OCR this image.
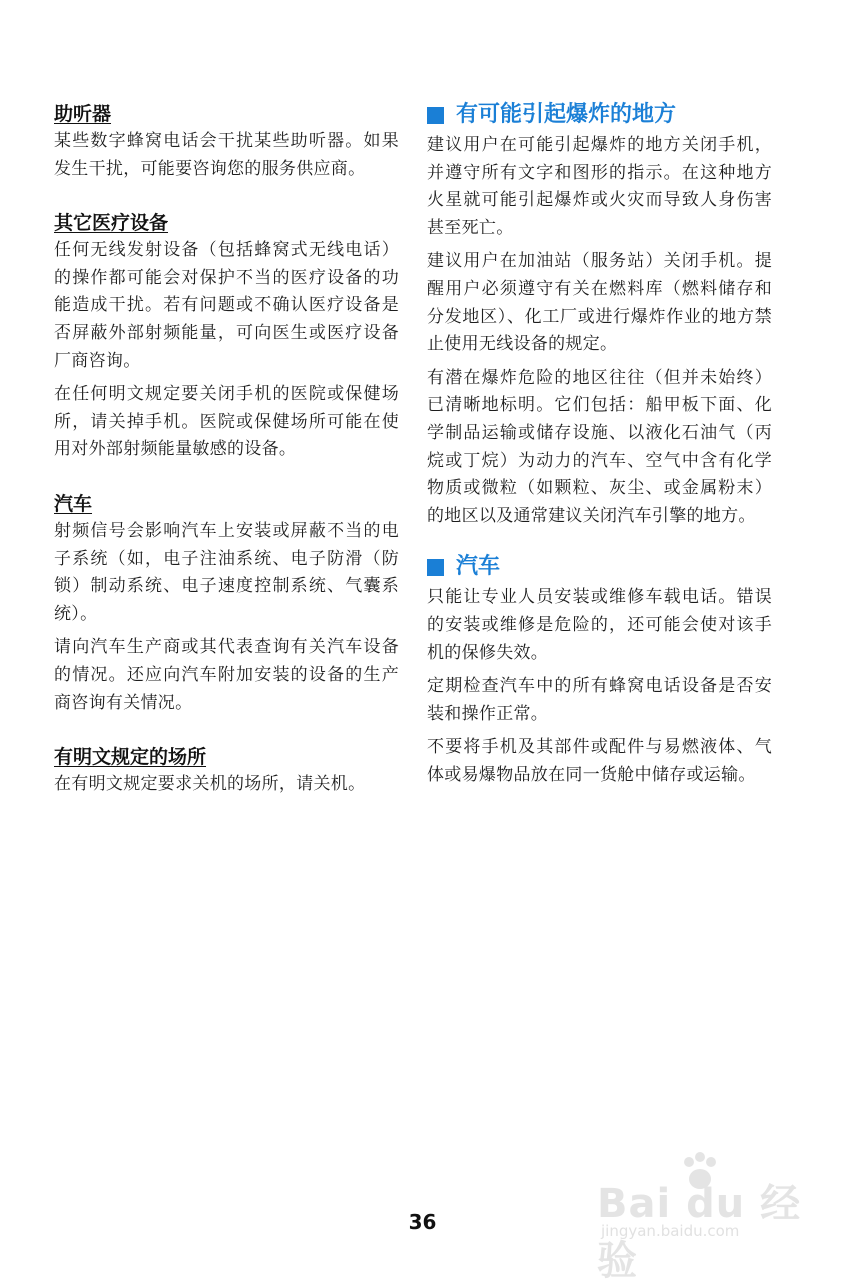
助听器

某些数字蜂窝电话会干扰某些助听器。如果发生干扰，可能要咨询您的服务供应商。

其它医疗设备

任何无线发射设备（包括蜂窝式无线电话）的操作都可能会对保护不当的医疗设备的功能造成干扰。若有问题或不确认医疗设备是否屏蔽外部射频能量，可向医生或医疗设备厂商咨询。

在任何明文规定要关闭手机的医院或保健场所，请关掉手机。医院或保健场所可能在使用对外部射频能量敏感的设备。

汽车

射频信号会影响汽车上安装或屏蔽不当的电子系统（如，电子注油系统、电子防滑（防锁）制动系统、电子速度控制系统、气囊系统）。

请向汽车生产商或其代表查询有关汽车设备的情况。还应向汽车附加安装的设备的生产商咨询有关情况。

有明文规定的场所

在有明文规定要求关机的场所，请关机。

有可能引起爆炸的地方

建议用户在可能引起爆炸的地方关闭手机，并遵守所有文字和图形的指示。在这种地方火星就可能引起爆炸或火灾而导致人身伤害甚至死亡。

建议用户在加油站（服务站）关闭手机。提醒用户必须遵守有关在燃料库（燃料储存和分发地区）、化工厂或进行爆炸作业的地方禁止使用无线设备的规定。

有潜在爆炸危险的地区往往（但并未始终）已清晰地标明。它们包括：船甲板下面、化学制品运输或储存设施、以液化石油气（丙烷或丁烷）为动力的汽车、空气中含有化学物质或微粒（如颗粒、灰尘、或金属粉末）的地区以及通常建议关闭汽车引擎的地方。

汽车

只能让专业人员安装或维修车载电话。错误的安装或维修是危险的，还可能会使对该手机的保修失效。

定期检查汽车中的所有蜂窝电话设备是否安装和操作正常。

不要将手机及其部件或配件与易燃液体、气体或易爆物品放在同一货舱中储存或运输。

36	Bai du 经验
jingyan.baidu.com
